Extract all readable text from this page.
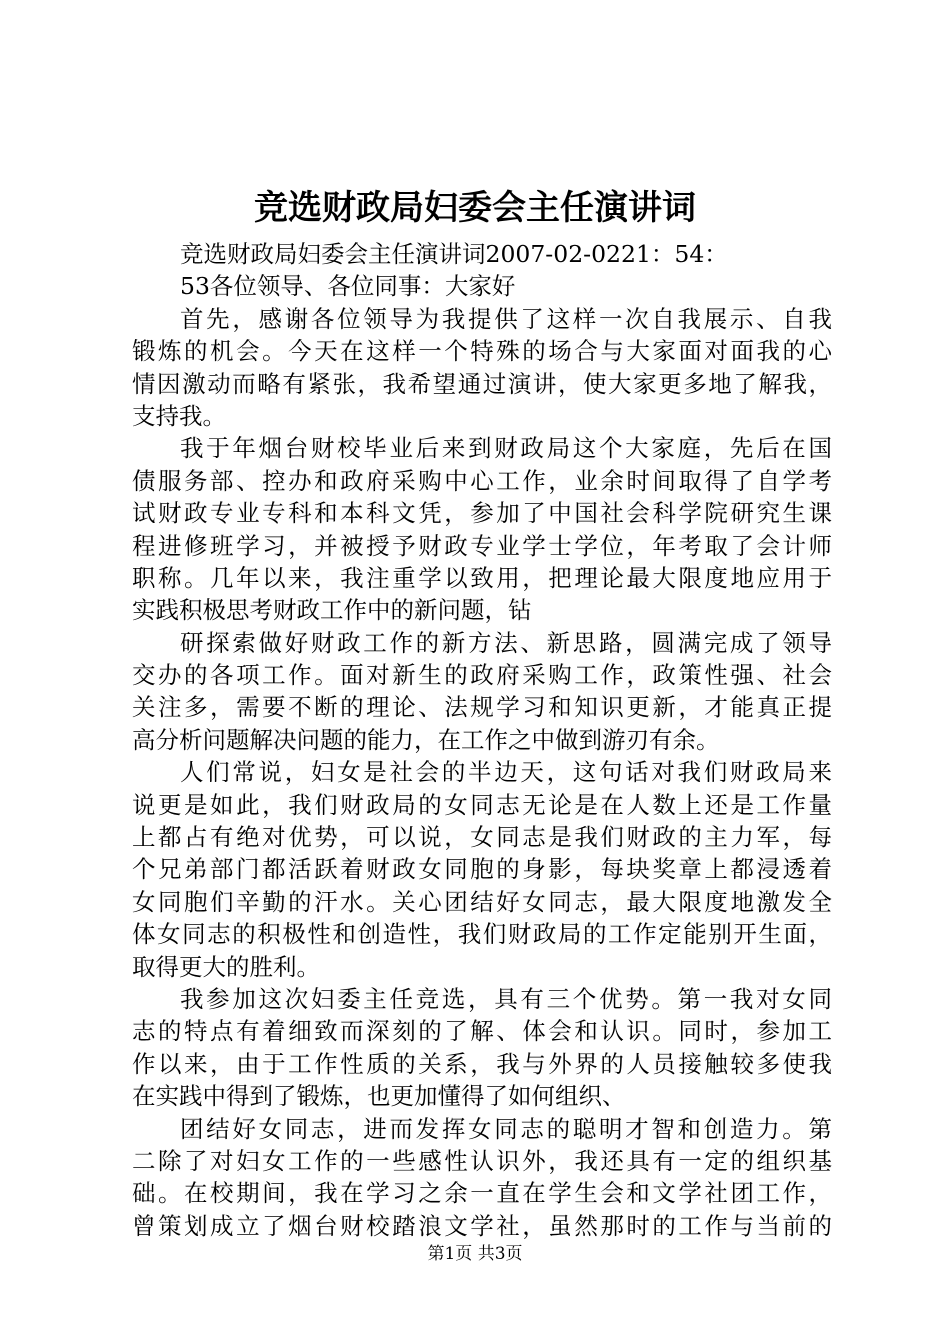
竞选财政局妇委会主任演讲词
竞选财政局妇委会主任演讲词2007-02-0221：54：
53各位领导、各位同事：大家好
首先，感谢各位领导为我提供了这样一次自我展示、自我
锻炼的机会。今天在这样一个特殊的场合与大家面对面我的心
情因激动而略有紧张，我希望通过演讲，使大家更多地了解我，
支持我。
我于年烟台财校毕业后来到财政局这个大家庭，先后在国
债服务部、控办和政府采购中心工作，业余时间取得了自学考
试财政专业专科和本科文凭，参加了中国社会科学院研究生课
程进修班学习，并被授予财政专业学士学位，年考取了会计师
职称。几年以来，我注重学以致用，把理论最大限度地应用于
实践积极思考财政工作中的新问题，钻
研探索做好财政工作的新方法、新思路，圆满完成了领导
交办的各项工作。面对新生的政府采购工作，政策性强、社会
关注多，需要不断的理论、法规学习和知识更新，才能真正提
高分析问题解决问题的能力，在工作之中做到游刃有余。
人们常说，妇女是社会的半边天，这句话对我们财政局来
说更是如此，我们财政局的女同志无论是在人数上还是工作量
上都占有绝对优势，可以说，女同志是我们财政的主力军，每
个兄弟部门都活跃着财政女同胞的身影，每块奖章上都浸透着
女同胞们辛勤的汗水。关心团结好女同志，最大限度地激发全
体女同志的积极性和创造性，我们财政局的工作定能别开生面，
取得更大的胜利。
我参加这次妇委主任竞选，具有三个优势。第一我对女同
志的特点有着细致而深刻的了解、体会和认识。同时，参加工
作以来，由于工作性质的关系，我与外界的人员接触较多使我
在实践中得到了锻炼，也更加懂得了如何组织、
团结好女同志，进而发挥女同志的聪明才智和创造力。第
二除了对妇女工作的一些感性认识外，我还具有一定的组织基
础。在校期间，我在学习之余一直在学生会和文学社团工作，
曾策划成立了烟台财校踏浪文学社，虽然那时的工作与当前的
第1页 共3页
